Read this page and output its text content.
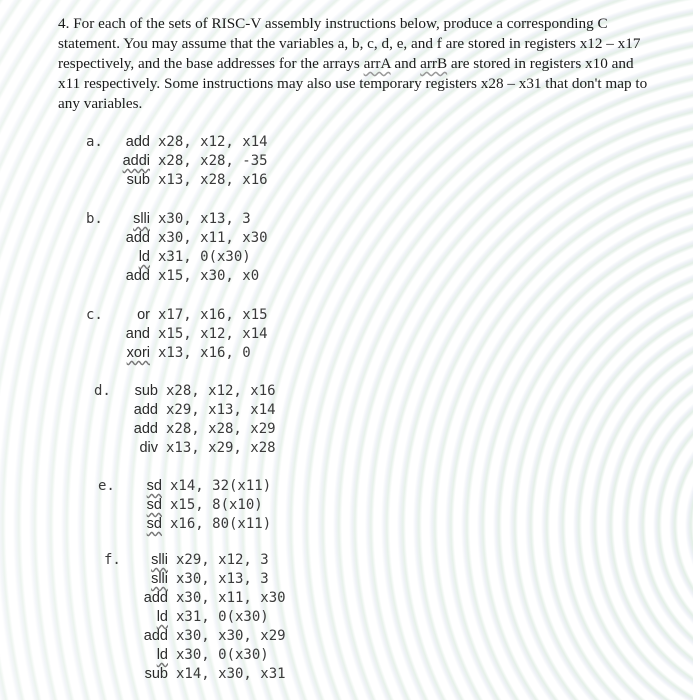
4. For each of the sets of RISC-V assembly instructions below, produce a corresponding C
statement. You may assume that the variables a, b, c, d, e, and f are stored in registers x12 – x17
respectively, and the base addresses for the arrays arrA and arrB are stored in registers x10 and
x11 respectively. Some instructions may also use temporary registers x28 – x31 that don't map to
any variables.

a.	add x28, x12, x14
addi x28, x28, -35
sub x13, x28, x16
b.	slli x30, x13, 3
add x30, x11, x30
ld x31, 0(x30)
add x15, x30, x0
c.	or x17, x16, x15
and x15, x12, x14
xori x13, x16, 0
d.	sub x28, x12, x16
add x29, x13, x14
add x28, x28, x29
div x13, x29, x28
e.	sd x14, 32(x11)
sd x15, 8(x10)
sd x16, 80(x11)
f.	slli x29, x12, 3
slli x30, x13, 3
add x30, x11, x30
ld x31, 0(x30)
add x30, x30, x29
ld x30, 0(x30)
sub x14, x30, x31
